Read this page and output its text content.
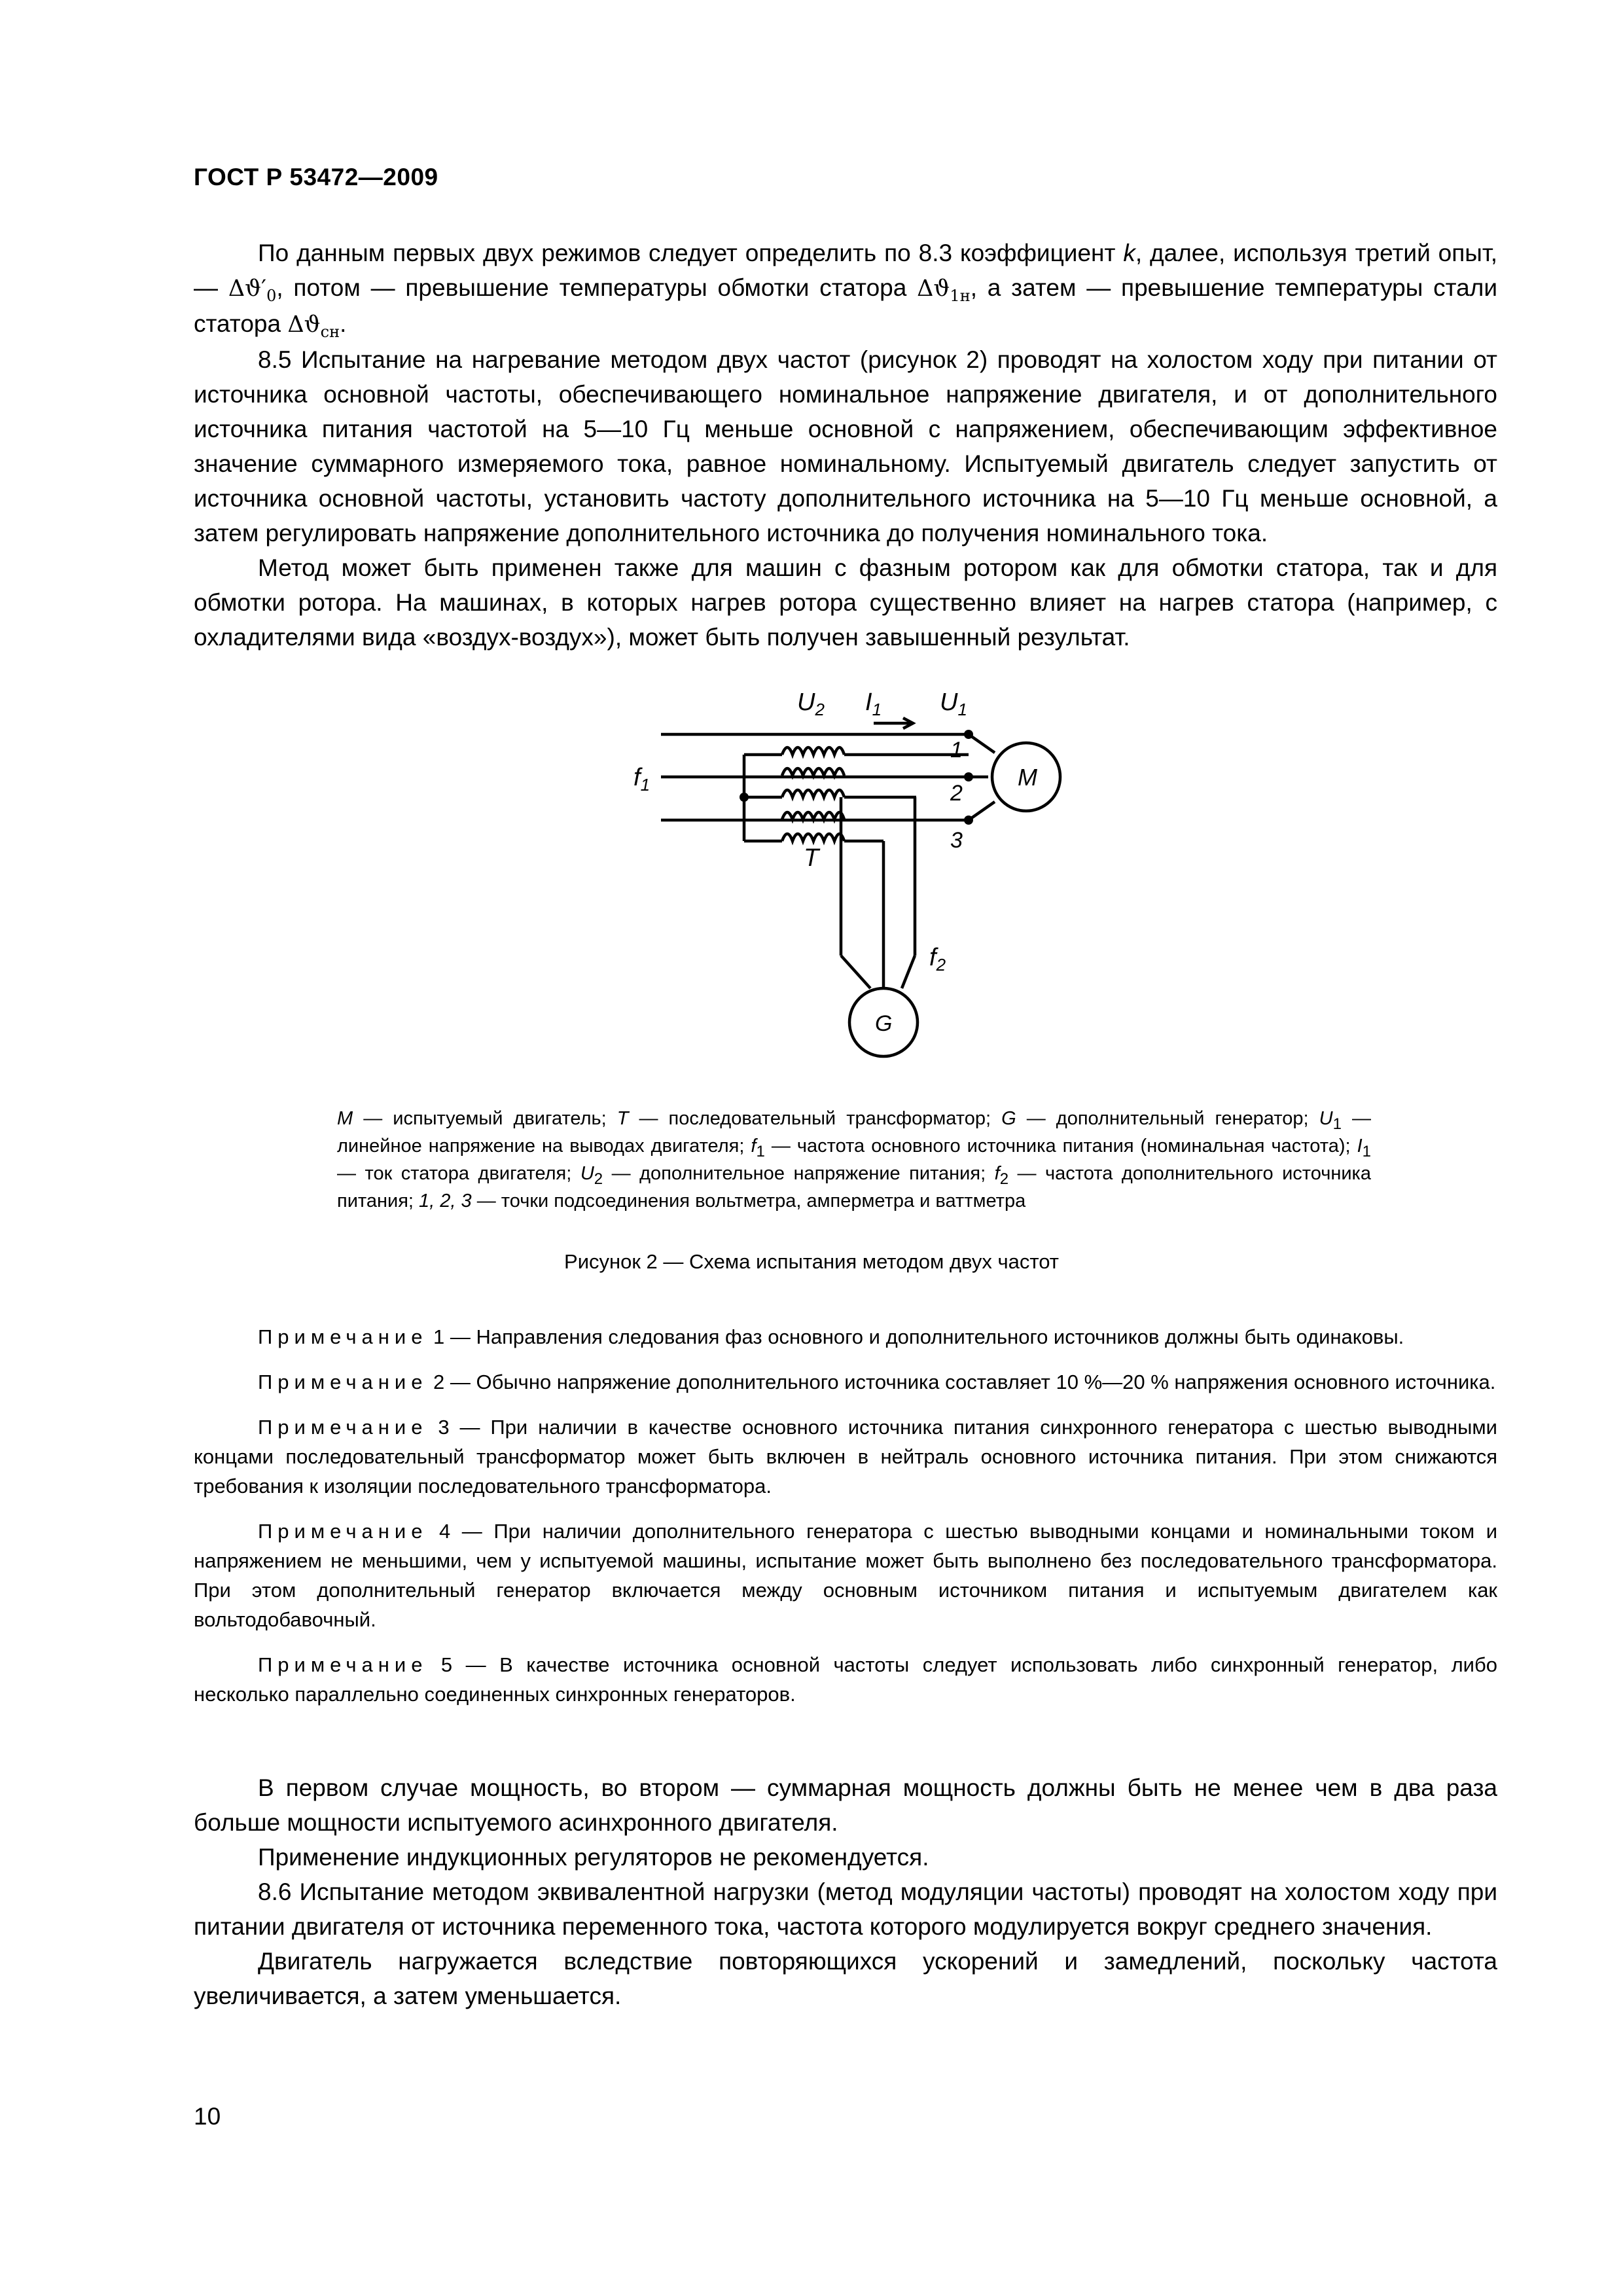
ГОСТ Р 53472—2009

По данным первых двух режимов следует определить по 8.3 коэффициент k, далее, используя третий опыт, — $\Delta ϑ'_0$, потом — превышение температуры обмотки статора $\Delta ϑ_{1н}$, а затем — превышение температуры стали статора $\Delta ϑ_{сн}$.

8.5 Испытание на нагревание методом двух частот (рисунок 2) проводят на холостом ходу при питании от источника основной частоты, обеспечивающего номинальное напряжение двигателя, и от дополнительного источника питания частотой на 5—10 Гц меньше основной с напряжением, обеспечивающим эффективное значение суммарного измеряемого тока, равное номинальному. Испытуемый двигатель следует запустить от источника основной частоты, установить частоту дополнительного источника на 5—10 Гц меньше основной, а затем регулировать напряжение дополнительного источника до получения номинального тока.

Метод может быть применен также для машин с фазным ротором как для обмотки статора, так и для обмотки ротора. На машинах, в которых нагрев ротора существенно влияет на нагрев статора (например, с охладителями вида «воздух-воздух»), может быть получен завышенный результат.

$U_2$ $I_1$ $U_1$
$f_1$
$f_2$
T
M
G
1
2
3
M — испытуемый двигатель; T — последовательный трансформатор; G — дополнительный генератор; $U_1$ — линейное напряжение на выводах двигателя; $f_1$ — частота основного источника питания (номинальная частота); $I_1$ — ток статора двигателя; $U_2$ — дополнительное напряжение питания; $f_2$ — частота дополнительного источника питания; 1, 2, 3 — точки подсоединения вольтметра, амперметра и ваттметра
Рисунок 2 — Схема испытания методом двух частот

Примечание 1 — Направления следования фаз основного и дополнительного источников должны быть одинаковы.

Примечание 2 — Обычно напряжение дополнительного источника составляет 10 %—20 % напряжения основного источника.

Примечание 3 — При наличии в качестве основного источника питания синхронного генератора с шестью выводными концами последовательный трансформатор может быть включен в нейтраль основного источника питания. При этом снижаются требования к изоляции последовательного трансформатора.

Примечание 4 — При наличии дополнительного генератора с шестью выводными концами и номинальными током и напряжением не меньшими, чем у испытуемой машины, испытание может быть выполнено без последовательного трансформатора. При этом дополнительный генератор включается между основным источником питания и испытуемым двигателем как вольтодобавочный.

Примечание 5 — В качестве источника основной частоты следует использовать либо синхронный генератор, либо несколько параллельно соединенных синхронных генераторов.

В первом случае мощность, во втором — суммарная мощность должны быть не менее чем в два раза больше мощности испытуемого асинхронного двигателя.

Применение индукционных регуляторов не рекомендуется.

8.6 Испытание методом эквивалентной нагрузки (метод модуляции частоты) проводят на холостом ходу при питании двигателя от источника переменного тока, частота которого модулируется вокруг среднего значения.

Двигатель нагружается вследствие повторяющихся ускорений и замедлений, поскольку частота увеличивается, а затем уменьшается.

10
